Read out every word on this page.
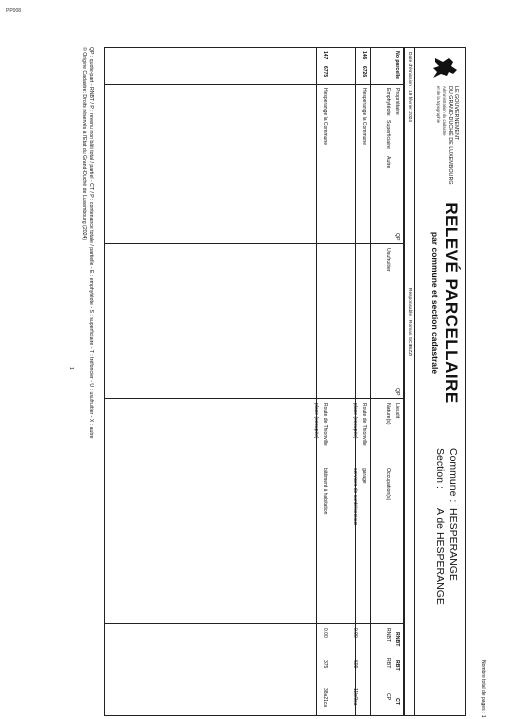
PP008
Nombre total de pages : 1
LE GOUVERNEMENT
DU GRAND-DUCHÉ DE LUXEMBOURG
Administration du cadastre
et de la topographie
RELEVÉ PARCELLAIRE
par commune et section cadastrale
Commune :HESPERANGE
Section :A de HESPERANGE
Date d'émission : 19 février 2024
Responsable : Roman SCIBIZZI
No parcelle
Propriétaire
Emphytéote
Superficiaire
Autre
QP
Usufruitier
QP
Lieudit
Nature(s)
Occupation(s)
RNBT
RBT
CT
RNBT
RBT
CP
146
6726
Hesperange la Commune
Route de Thionville
garage
place (occupée)
services de santé/sociaux
0.00
600
11b/9ca
147
6775
Hesperange la Commune
Route de Thionville
bâtiment à habitation
0.00
375
38a21ca
place (occupée)
QP : quote-part - RNBT / P : revenu non bâti total / partiel - CT / P : contenance totale / partielle - E : emphytéote - S : superficiaire - T : tréfoncier - U : usufruitier - X : autre
© Origine Cadastre: Droits réservés à l'Etat du Grand-Duché de Luxembourg (2024)
1
